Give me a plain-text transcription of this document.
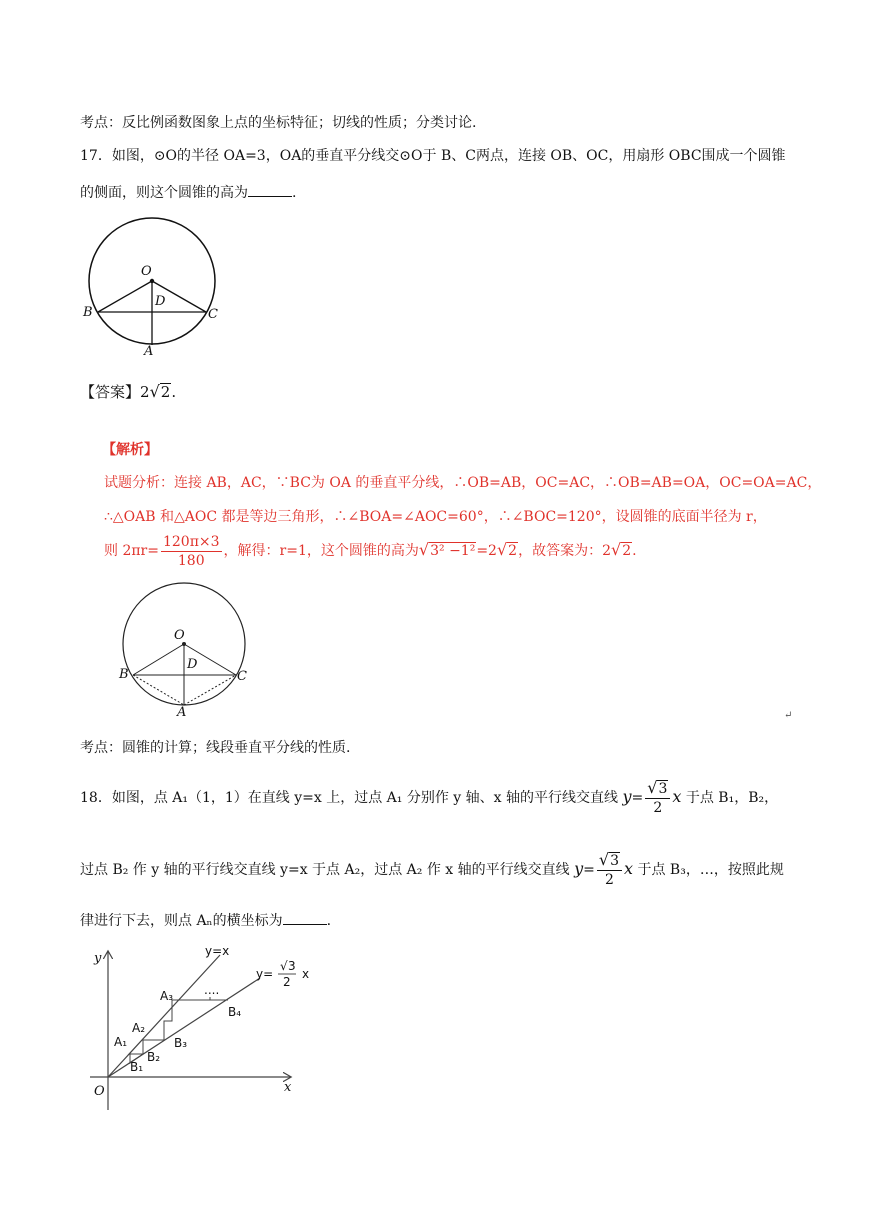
考点：反比例函数图象上点的坐标特征；切线的性质；分类讨论.
17．如图，⊙O的半径 OA=3，OA的垂直平分线交⊙O于 B、C两点，连接 OB、OC，用扇形 OBC围成一个圆锥
的侧面，则这个圆锥的高为	.
O
D
B	C
A
【答案】2√2.
【解析】
试题分析：连接 AB，AC，∵BC为 OA 的垂直平分线，∴OB=AB，OC=AC，∴OB=AB=OA，OC=OA=AC，
∴△OAB 和△AOC 都是等边三角形，∴∠BOA=∠AOC=60°，∴∠BOC=120°，设圆锥的底面半径为 r，
则 $2\pi r= \frac{120\pi\times 3}{180}$ ，解得：r=1，这个圆锥的高为√3² −1²=2√2，故答案为：2√2.
O
D
B	C
A	↵
考点：圆锥的计算；线段垂直平分线的性质.
18．如图，点 A₁（1，1）在直线 y=x 上，过点 A₁ 分别作 y 轴、x 轴的平行线交直线 $y= \frac{√3}{2}$ x 于点 B₁，B₂，
过点 B₂ 作 y 轴的平行线交直线 y=x 于点 A₂，过点 A₂ 作 x 轴的平行线交直线 $y= \frac{√3}{2}$ x 于点 B₃，…，按照此规
律进行下去，则点 Aₙ的横坐标为	.
y
x
O
y=x
y=
√ 3
2
x
....
A₁
A₂
A₃
B₁
B₂
B₃
B₄
